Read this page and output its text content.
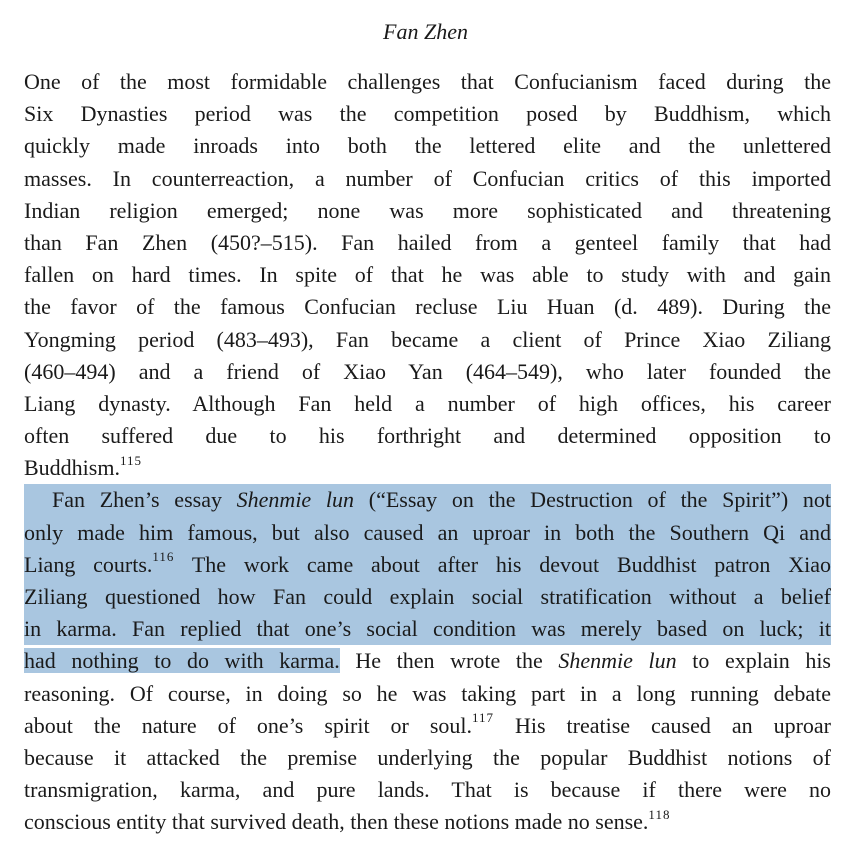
Fan Zhen
One of the most formidable challenges that Confucianism faced during the
Six Dynasties period was the competition posed by Buddhism, which
quickly made inroads into both the lettered elite and the unlettered
masses. In counterreaction, a number of Confucian critics of this imported
Indian religion emerged; none was more sophisticated and threatening
than Fan Zhen (450?–515). Fan hailed from a genteel family that had
fallen on hard times. In spite of that he was able to study with and gain
the favor of the famous Confucian recluse Liu Huan (d. 489). During the
Yongming period (483–493), Fan became a client of Prince Xiao Ziliang
(460–494) and a friend of Xiao Yan (464–549), who later founded the
Liang dynasty. Although Fan held a number of high offices, his career
often suffered due to his forthright and determined opposition to
Buddhism.$^{115}$
Fan Zhen’s essay Shenmie lun (“Essay on the Destruction of the Spirit”) not
only made him famous, but also caused an uproar in both the Southern Qi and
Liang courts.$^{116}$ The work came about after his devout Buddhist patron Xiao
Ziliang questioned how Fan could explain social stratification without a belief
in karma. Fan replied that one’s social condition was merely based on luck; it
had nothing to do with karma. He then wrote the Shenmie lun to explain his
reasoning. Of course, in doing so he was taking part in a long running debate
about the nature of one’s spirit or soul.$^{117}$ His treatise caused an uproar
because it attacked the premise underlying the popular Buddhist notions of
transmigration, karma, and pure lands. That is because if there were no
conscious entity that survived death, then these notions made no sense.$^{118}$
